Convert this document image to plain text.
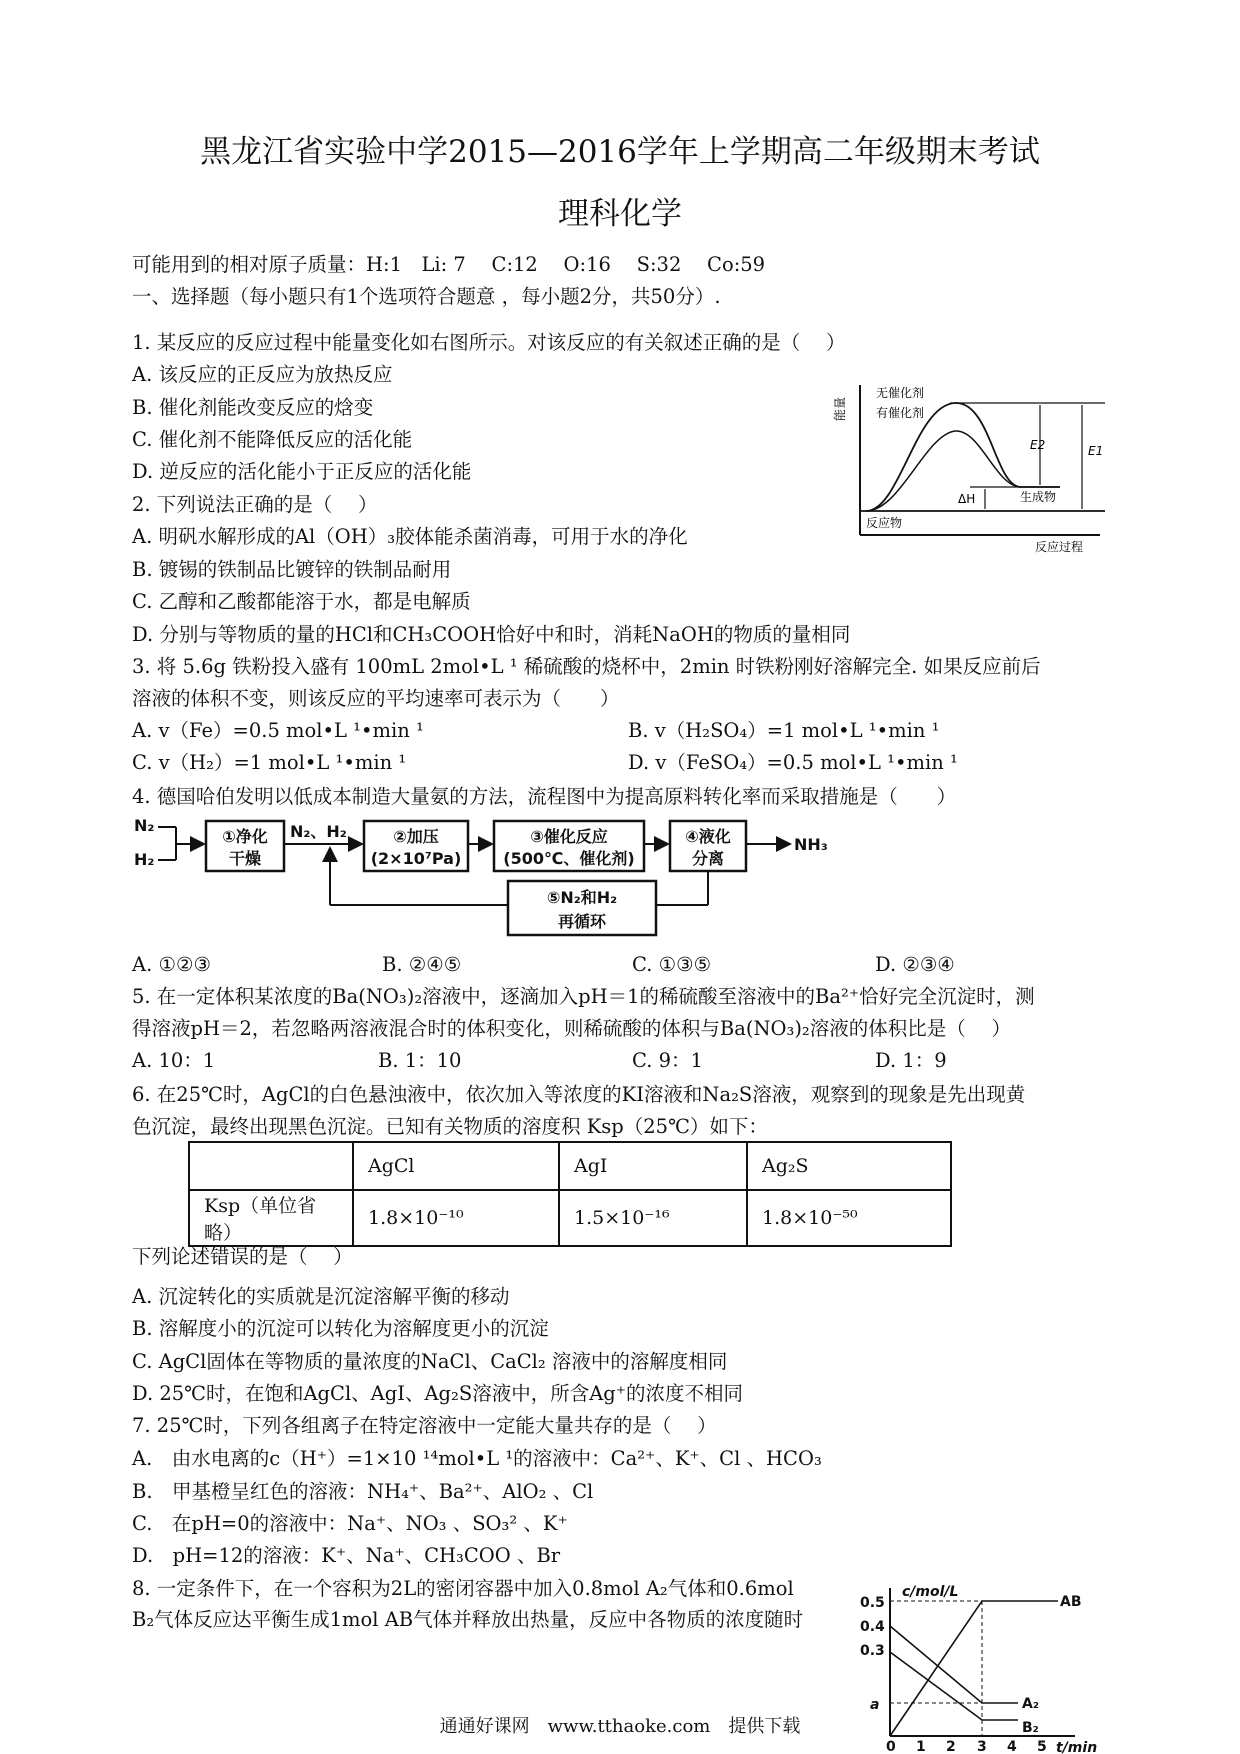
黑龙江省实验中学2015—2016学年上学期高二年级期末考试
理科化学
可能用到的相对原子质量：H:1　Li: 7　 C:12　 O:16　 S:32　 Co:59
一、选择题（每小题只有1个选项符合题意 ，每小题2分，共50分）.
1. 某反应的反应过程中能量变化如右图所示。对该反应的有关叙述正确的是（　 ）
A. 该反应的正反应为放热反应
B. 催化剂能改变反应的焓变
C. 催化剂不能降低反应的活化能
D. 逆反应的活化能小于正反应的活化能
能量
反应过程
无催化剂
有催化剂
E2	E1
ΔH	生成物
反应物
2. 下列说法正确的是（　 ）
A. 明矾水解形成的Al（OH）₃胶体能杀菌消毒，可用于水的净化
B. 镀锡的铁制品比镀锌的铁制品耐用
C. 乙醇和乙酸都能溶于水，都是电解质
D. 分别与等物质的量的HCl和CH₃COOH恰好中和时，消耗NaOH的物质的量相同
3. 将 5.6g 铁粉投入盛有 100mL 2mol•L ¹ 稀硫酸的烧杯中，2min 时铁粉刚好溶解完全. 如果反应前后
溶液的体积不变，则该反应的平均速率可表示为（　　）
A. v（Fe）=0.5 mol•L ¹•min ¹	B. v（H₂SO₄）=1 mol•L ¹•min ¹
C. v（H₂）=1 mol•L ¹•min ¹	D. v（FeSO₄）=0.5 mol•L ¹•min ¹
4. 德国哈伯发明以低成本制造大量氨的方法，流程图中为提高原料转化率而采取措施是（　　）
N₂
H₂
①净化
干燥
N₂、H₂	②加压
(2×10⁷Pa)
③催化反应
(500℃、催化剂)
④液化
分离
NH₃
⑤N₂和H₂
再循环
A. ①②③	B. ②④⑤	C. ①③⑤	D. ②③④
5. 在一定体积某浓度的Ba(NO₃)₂溶液中，逐滴加入pH＝1的稀硫酸至溶液中的Ba²⁺恰好完全沉淀时，测
得溶液pH＝2，若忽略两溶液混合时的体积变化，则稀硫酸的体积与Ba(NO₃)₂溶液的体积比是（　 ）
A. 10：1	B. 1：10	C. 9：1	D. 1：9
6. 在25℃时，AgCl的白色悬浊液中，依次加入等浓度的KI溶液和Na₂S溶液，观察到的现象是先出现黄
色沉淀，最终出现黑色沉淀。已知有关物质的溶度积 Ksp（25℃）如下：
	AgCl	AgI	Ag₂S
Ksp（单位省略）	1.8×10⁻¹⁰	1.5×10⁻¹⁶	1.8×10⁻⁵⁰
下列论述错误的是（　 ）
A. 沉淀转化的实质就是沉淀溶解平衡的移动
B. 溶解度小的沉淀可以转化为溶解度更小的沉淀
C. AgCl固体在等物质的量浓度的NaCl、CaCl₂ 溶液中的溶解度相同
D. 25℃时，在饱和AgCl、AgI、Ag₂S溶液中，所含Ag⁺的浓度不相同
7. 25℃时，下列各组离子在特定溶液中一定能大量共存的是（　 ）
A.　由水电离的c（H⁺）=1×10 ¹⁴mol•L ¹的溶液中：Ca²⁺、K⁺、Cl 、HCO₃
B.　甲基橙呈红色的溶液：NH₄⁺、Ba²⁺、AlO₂ 、Cl
C.　在pH=0的溶液中：Na⁺、NO₃ 、SO₃² 、K⁺
D.　pH=12的溶液：K⁺、Na⁺、CH₃COO 、Br
8. 一定条件下，在一个容积为2L的密闭容器中加入0.8mol A₂气体和0.6mol
B₂气体反应达平衡生成1mol AB气体并释放出热量，反应中各物质的浓度随时
c/mol/L
0.5
0.4
0.3
a
0 1 2 3 4 5 t/min
AB
A₂
B₂
通通好课网　www.tthaoke.com　提供下载
